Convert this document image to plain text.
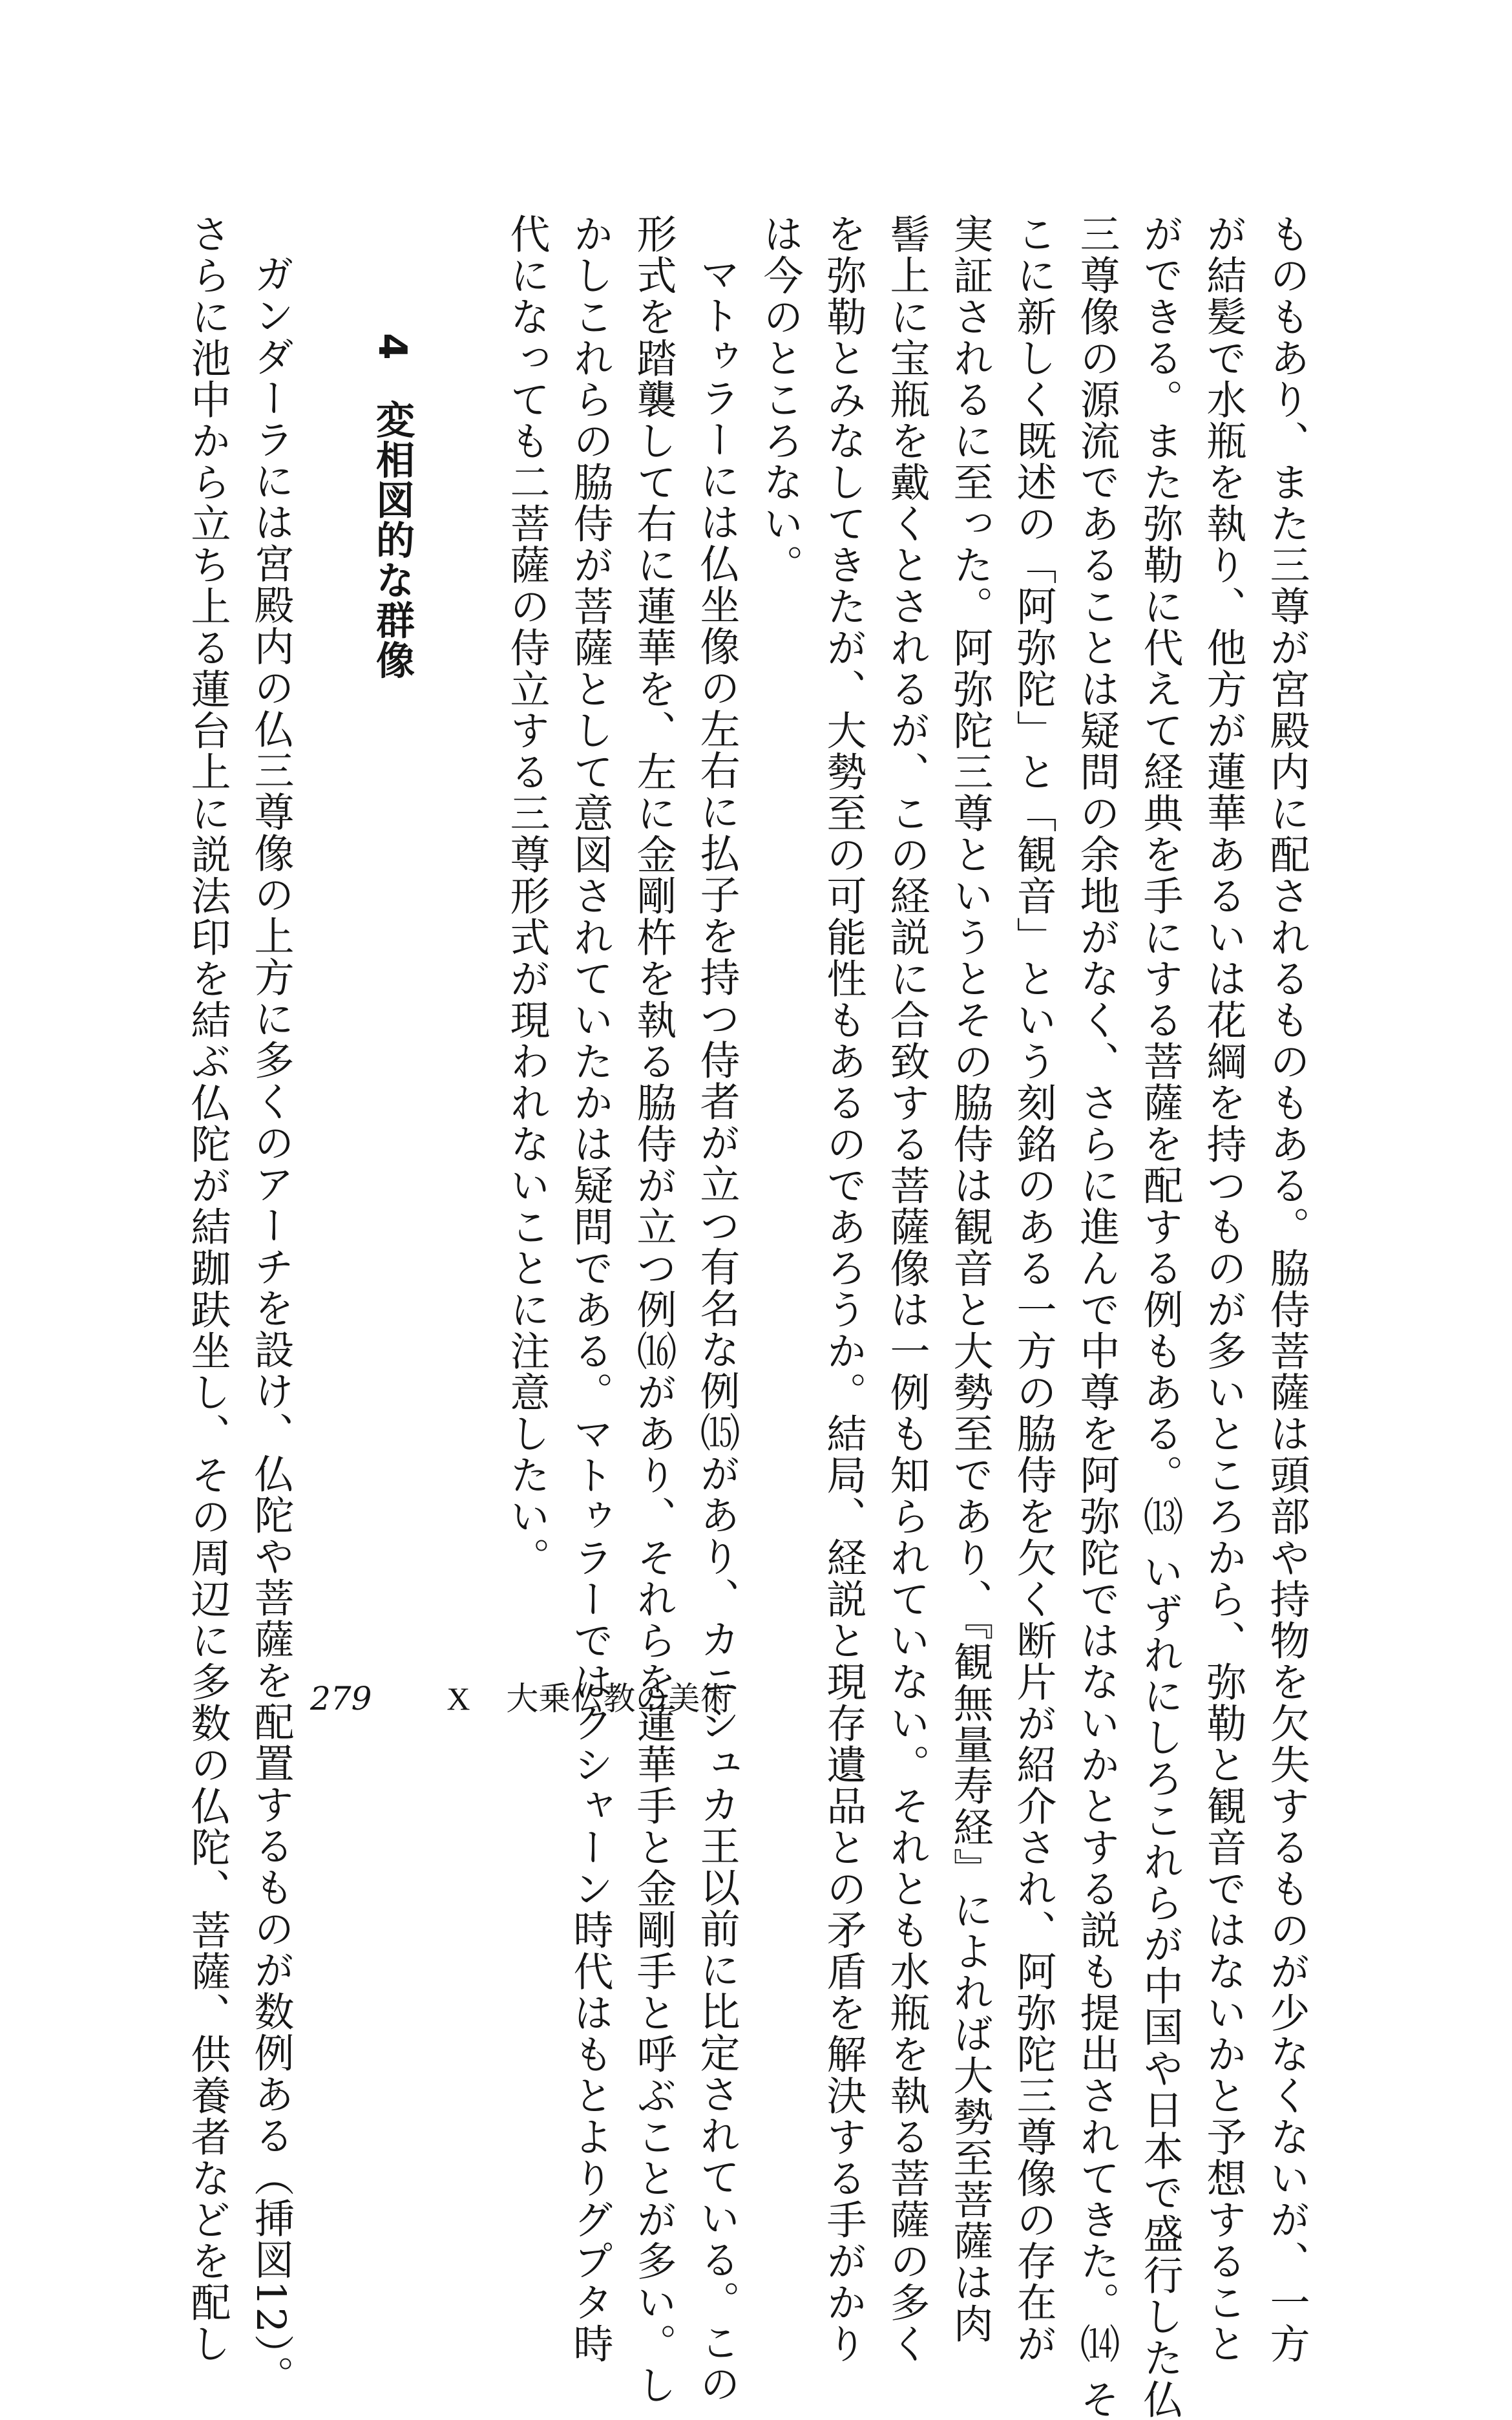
ものもあり、また三尊が宮殿内に配されるものもある。脇侍菩薩は頭部や持物を欠失するものが少なくないが、一方
が結髪で水瓶を執り、他方が蓮華あるいは花綱を持つものが多いところから、弥勒と観音ではないかと予想すること
ができる。また弥勒に代えて経典を手にする菩薩を配する例もある。⒀ いずれにしろこれらが中国や日本で盛行した仏
三尊像の源流であることは疑問の余地がなく、さらに進んで中尊を阿弥陀ではないかとする説も提出されてきた。⒁ そ
こに新しく既述の「阿弥陀」と「観音」という刻銘のある一方の脇侍を欠く断片が紹介され、阿弥陀三尊像の存在が
実証されるに至った。阿弥陀三尊というとその脇侍は観音と大勢至であり、『観無量寿経』によれば大勢至菩薩は肉
髻上に宝瓶を戴くとされるが、この経説に合致する菩薩像は一例も知られていない。それとも水瓶を執る菩薩の多く
を弥勒とみなしてきたが、大勢至の可能性もあるのであろうか。結局、経説と現存遺品との矛盾を解決する手がかり
は今のところない。
マトゥラーには仏坐像の左右に払子を持つ侍者が立つ有名な例⒂があり、カニシュカ王以前に比定されている。この
形式を踏襲して右に蓮華を、左に金剛杵を執る脇侍が立つ例⒃があり、それらを蓮華手と金剛手と呼ぶことが多い。し
かしこれらの脇侍が菩薩として意図されていたかは疑問である。マトゥラーではクシャーン時代はもとよりグプタ時
代になっても二菩薩の侍立する三尊形式が現われないことに注意したい。
4変相図的な群像
ガンダーラには宮殿内の仏三尊像の上方に多くのアーチを設け、仏陀や菩薩を配置するものが数例ある（挿図12）。
さらに池中から立ち上る蓮台上に説法印を結ぶ仏陀が結跏趺坐し、その周辺に多数の仏陀、菩薩、供養者などを配し 279 X 大乗仏教の美術
